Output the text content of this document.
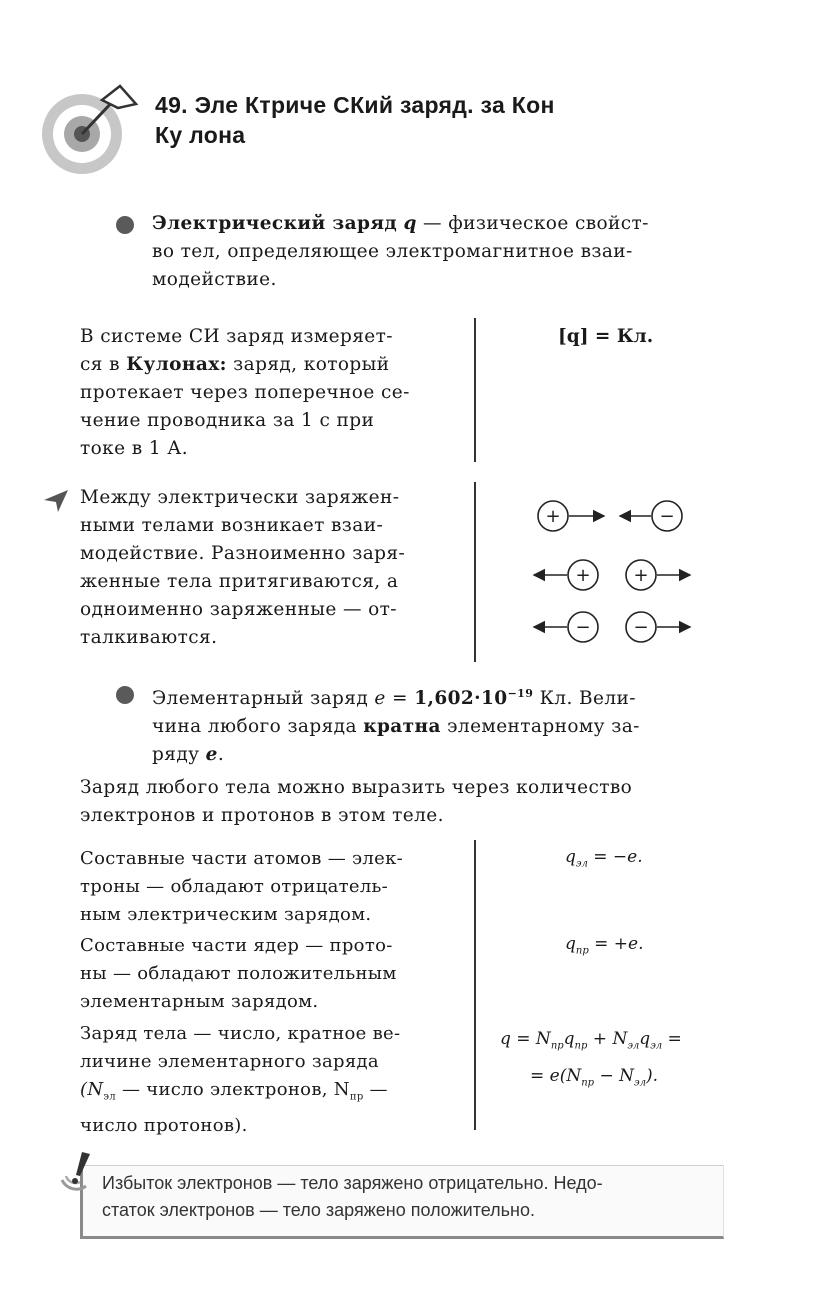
49. Эле Ктриче СКий заряд. за Кон
Ку лона
Электрический заряд q — физическое свойст-
во тел, определяющее электромагнитное взаи-
модействие.
В системе СИ заряд измеряет-
ся в Кулонах: заряд, который
протекает через поперечное се-
чение проводника за 1 с при
токе в 1 А.
[q] = Кл.
Между электрически заряжен-
ными телами возникает взаи-
модействие. Разноименно заря-
женные тела притягиваются, а
одноименно заряженные — от-
талкиваются.
+	−
+ +
− −
Элементарный заряд $e = 1,602\cdot 10^{-19}$ Кл. Вели-
чина любого заряда кратна элементарному за-
ряду e.
Заряд любого тела можно выразить через количество
электронов и протонов в этом теле.
Составные части атомов — элек-
троны — обладают отрицатель-
ным электрическим зарядом.
$q_{эл} = -e$.
Составные части ядер — прото-
ны — обладают положительным
элементарным зарядом.
$q_{пр} = +e$.
Заряд тела — число, кратное ве-
личине элементарного заряда
($N_{эл}$ — число электронов, $N_{пр}$ —
число протонов).
$q = N_{пр}q_{пр} + N_{эл}q_{эл}$ =
= $e(N_{пр} - N_{эл})$.
Избыток электронов — тело заряжено отрицательно. Недо-
статок электронов — тело заряжено положительно.
